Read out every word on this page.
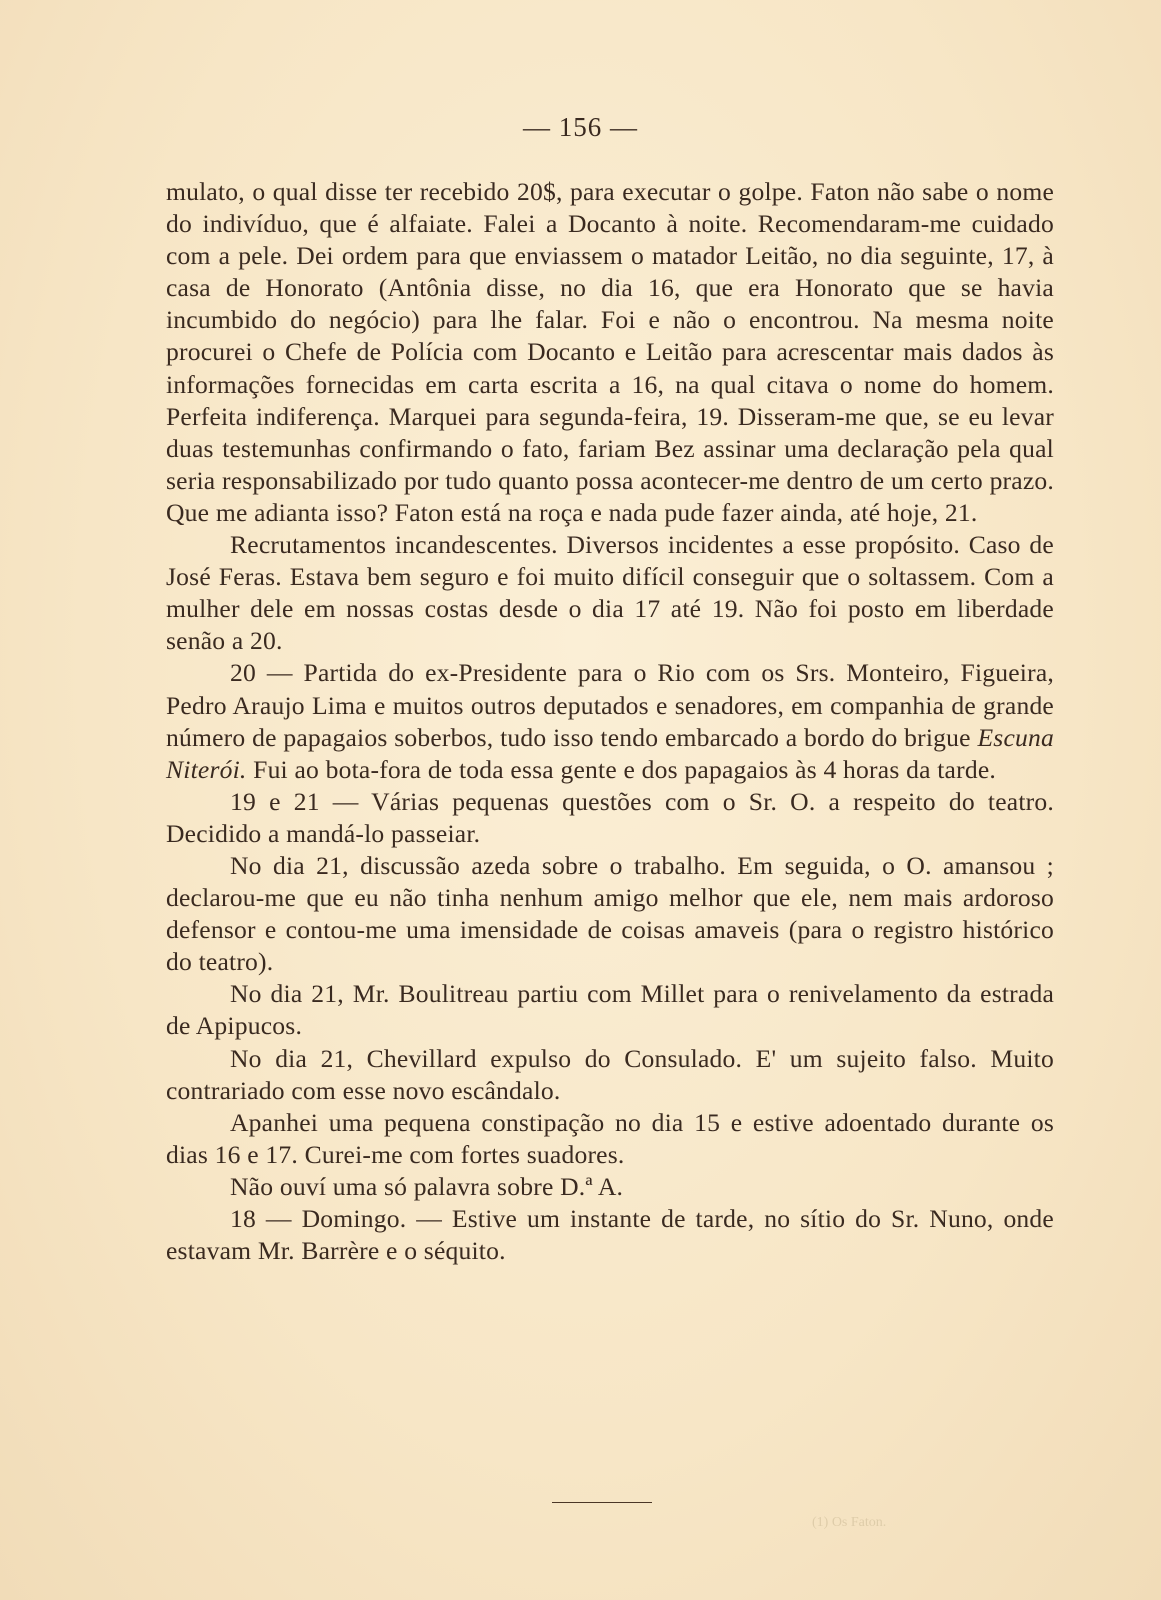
— 156 —

mulato, o qual disse ter recebido 20$, para executar o golpe. Faton não sabe o nome do indivíduo, que é alfaiate. Falei a Docanto à noite. Recomendaram-me cuidado com a pele. Dei ordem para que enviassem o matador Leitão, no dia seguinte, 17, à casa de Honorato (Antônia disse, no dia 16, que era Honorato que se havia incumbido do negócio) para lhe falar. Foi e não o encontrou. Na mesma noite procurei o Chefe de Polícia com Docanto e Leitão para acrescentar mais dados às informações fornecidas em carta escrita a 16, na qual citava o nome do homem. Perfeita indiferença. Marquei para segunda-feira, 19. Disseram-me que, se eu levar duas testemunhas confirmando o fato, fariam Bez assinar uma declaração pela qual seria responsabilizado por tudo quanto possa acontecer-me dentro de um certo prazo. Que me adianta isso? Faton está na roça e nada pude fazer ainda, até hoje, 21.

Recrutamentos incandescentes. Diversos incidentes a esse propósito. Caso de José Feras. Estava bem seguro e foi muito difícil conseguir que o soltassem. Com a mulher dele em nossas costas desde o dia 17 até 19. Não foi posto em liberdade senão a 20.

20 — Partida do ex-Presidente para o Rio com os Srs. Monteiro, Figueira, Pedro Araujo Lima e muitos outros deputados e senadores, em companhia de grande número de papagaios soberbos, tudo isso tendo embarcado a bordo do brigue Escuna Niterói. Fui ao bota-fora de toda essa gente e dos papagaios às 4 horas da tarde.

19 e 21 — Várias pequenas questões com o Sr. O. a respeito do teatro. Decidido a mandá-lo passeiar.

No dia 21, discussão azeda sobre o trabalho. Em seguida, o O. amansou ; declarou-me que eu não tinha nenhum amigo melhor que ele, nem mais ardoroso defensor e contou-me uma imensidade de coisas amaveis (para o registro histórico do teatro).

No dia 21, Mr. Boulitreau partiu com Millet para o renivelamento da estrada de Apipucos.

No dia 21, Chevillard expulso do Consulado. E' um sujeito falso. Muito contrariado com esse novo escândalo.

Apanhei uma pequena constipação no dia 15 e estive adoentado durante os dias 16 e 17. Curei-me com fortes suadores.

Não ouví uma só palavra sobre D.ª A.

18 — Domingo. — Estive um instante de tarde, no sítio do Sr. Nuno, onde estavam Mr. Barrère e o séquito.

(1) Os Faton.
